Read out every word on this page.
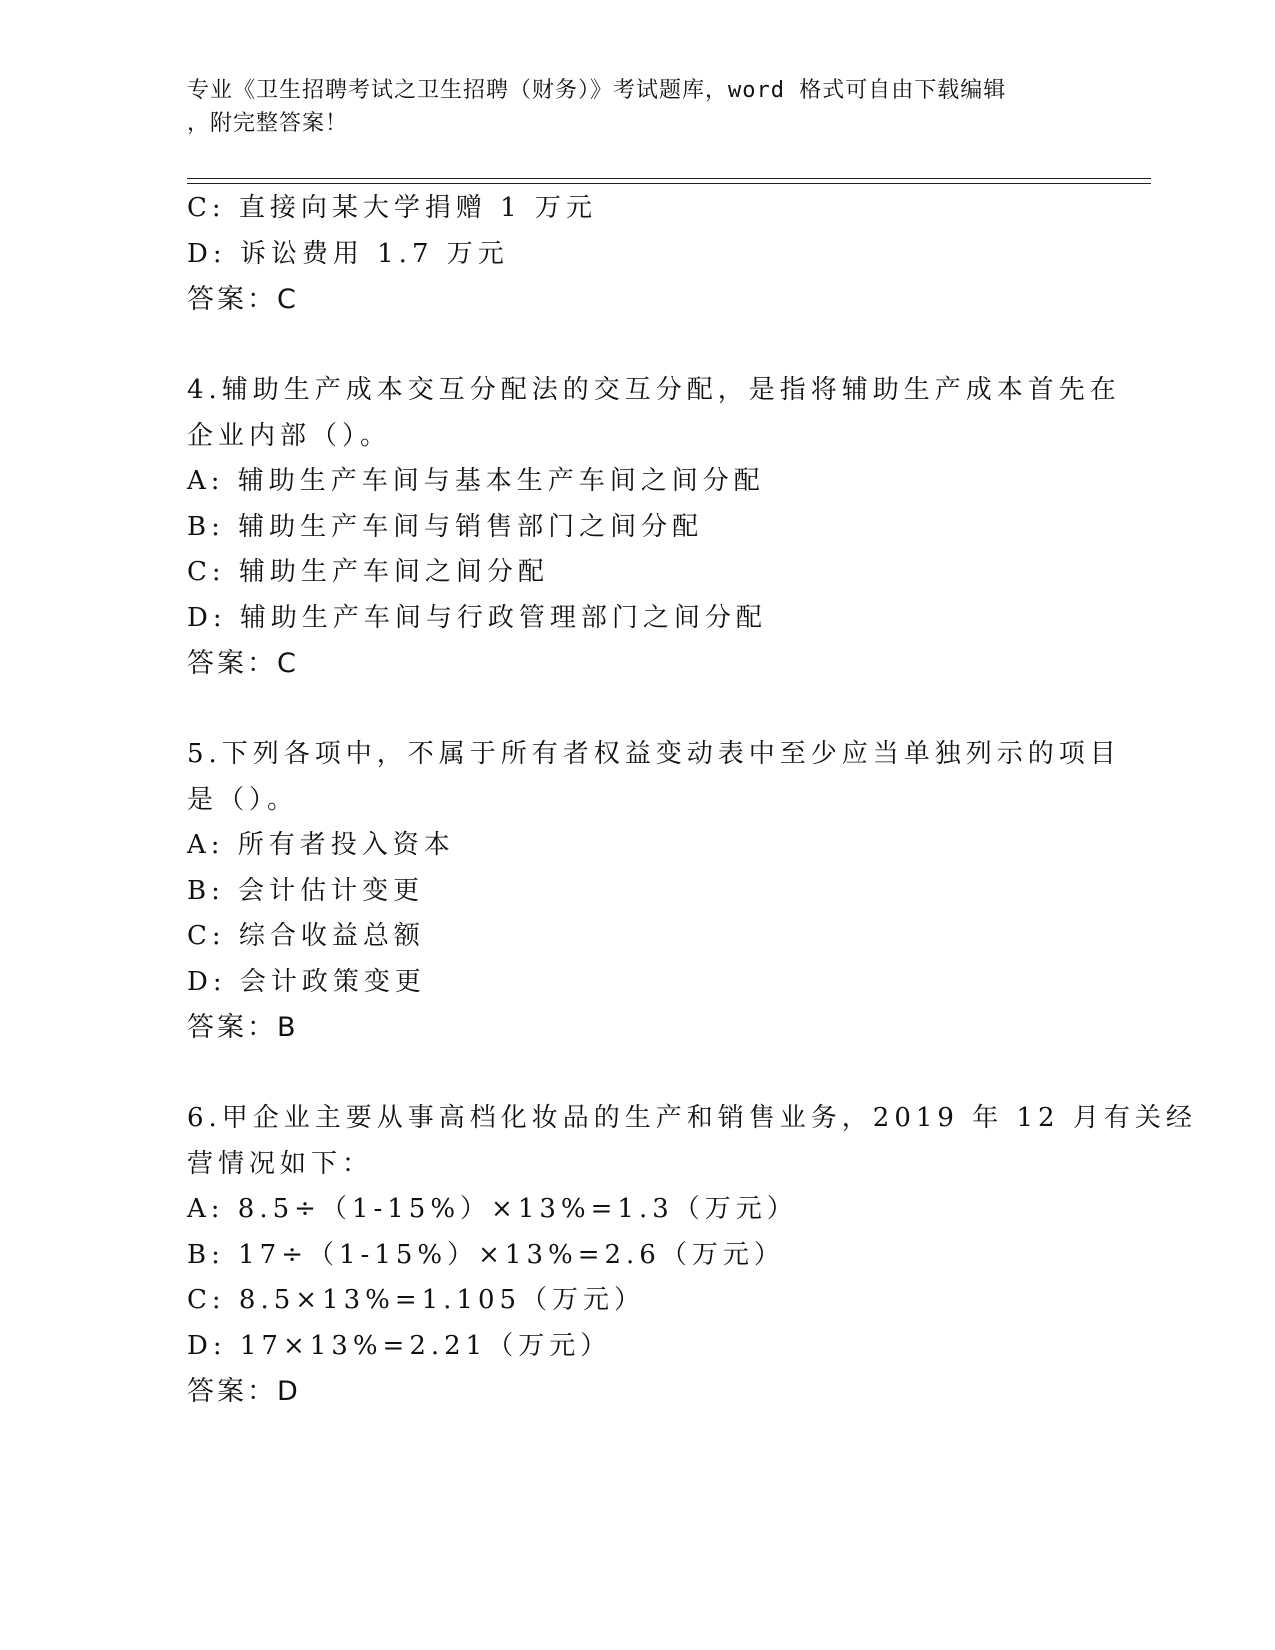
专业《卫生招聘考试之卫生招聘（财务）》考试题库，word 格式可自由下载编辑
，附完整答案！
C: 直接向某大学捐赠 1 万元
D: 诉讼费用 1.7 万元
答案：C
4.辅助生产成本交互分配法的交互分配，是指将辅助生产成本首先在
企业内部（）。
A: 辅助生产车间与基本生产车间之间分配
B: 辅助生产车间与销售部门之间分配
C: 辅助生产车间之间分配
D: 辅助生产车间与行政管理部门之间分配
答案：C
5.下列各项中，不属于所有者权益变动表中至少应当单独列示的项目
是（）。
A: 所有者投入资本
B: 会计估计变更
C: 综合收益总额
D: 会计政策变更
答案：B
6.甲企业主要从事高档化妆品的生产和销售业务，2019 年 12 月有关经
营情况如下：
A: 8.5÷（1-15%）×13%=1.3（万元）
B: 17÷（1-15%）×13%=2.6（万元）
C: 8.5×13%=1.105（万元）
D: 17×13%=2.21（万元）
答案：D
